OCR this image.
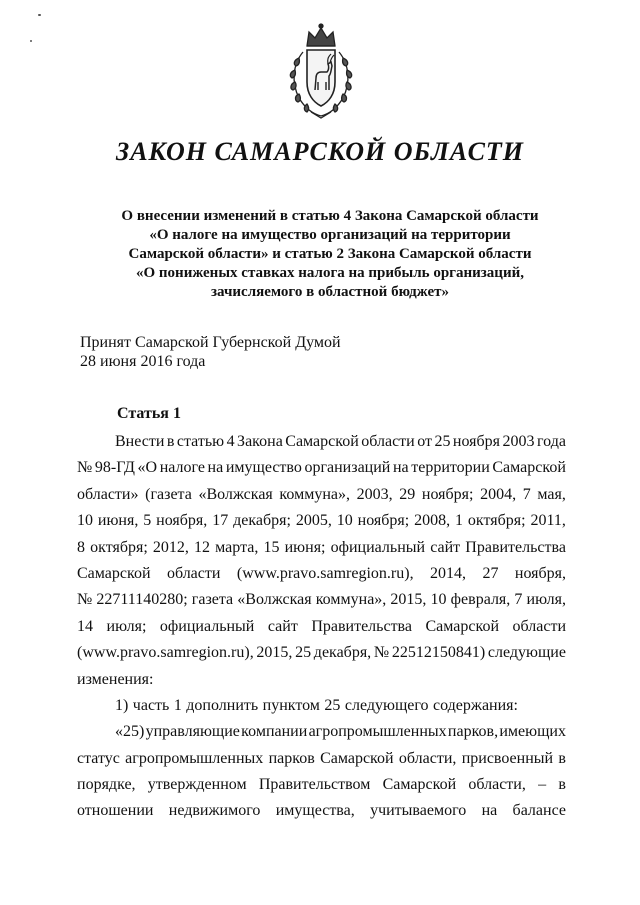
ЗАКОН САМАРСКОЙ ОБЛАСТИ
О внесении изменений в статью 4 Закона Самарской области
«О налоге на имущество организаций на территории
Самарской области» и статью 2 Закона Самарской области
«О пониженых ставках налога на прибыль организаций,
зачисляемого в областной бюджет»
Принят Самарской Губернской Думой
28 июня 2016 года
Статья 1
Внести в статью 4 Закона Самарской области от 25 ноября 2003 года
№ 98-ГД «О налоге на имущество организаций на территории Самарской
области» (газета «Волжская коммуна», 2003, 29 ноября; 2004, 7 мая,
10 июня, 5 ноября, 17 декабря; 2005, 10 ноября; 2008, 1 октября; 2011,
8 октября; 2012, 12 марта, 15 июня; официальный сайт Правительства
Самарской области (www.pravo.samregion.ru), 2014, 27 ноября,
№ 22711140280; газета «Волжская коммуна», 2015, 10 февраля, 7 июля,
14 июля; официальный сайт Правительства Самарской области
(www.pravo.samregion.ru), 2015, 25 декабря, № 22512150841) следующие
изменения:
1) часть 1 дополнить пунктом 25 следующего содержания:
«25) управляющие компании агропромышленных парков, имеющих
статус агропромышленных парков Самарской области, присвоенный в
порядке, утвержденном Правительством Самарской области, – в
отношении недвижимого имущества, учитываемого на балансе
